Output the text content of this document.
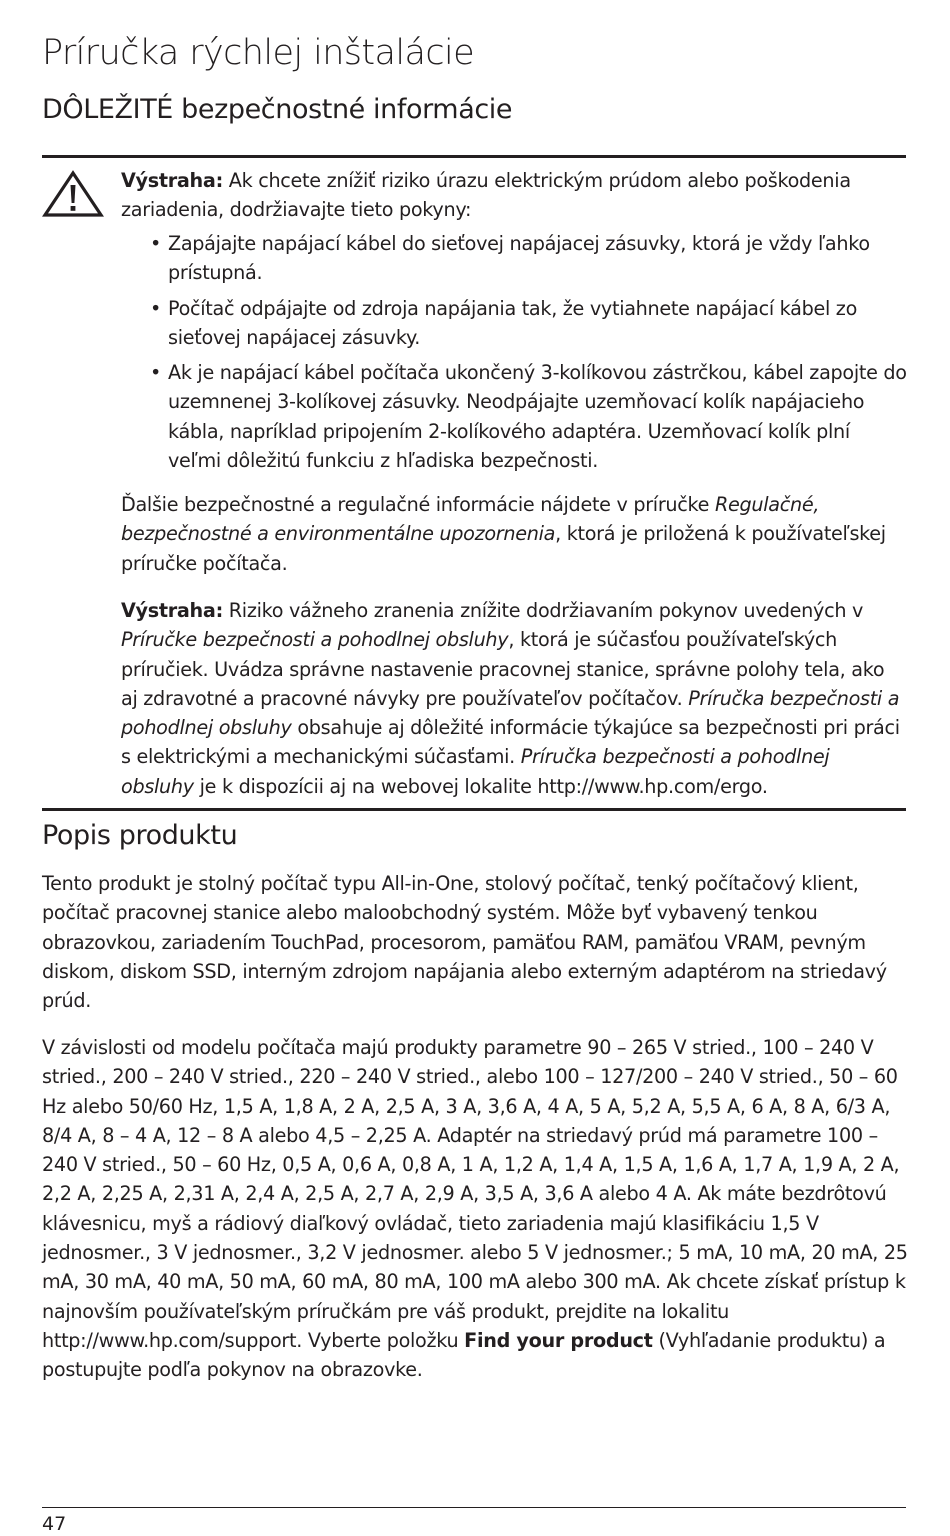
Príručka rýchlej inštalácie
DÔLEŽITÉ bezpečnostné informácie

Výstraha: Ak chcete znížiť riziko úrazu elektrickým prúdom alebo poškodenia zariadenia, dodržiavajte tieto pokyny:

• Zapájajte napájací kábel do sieťovej napájacej zásuvky, ktorá je vždy ľahko prístupná.
• Počítač odpájajte od zdroja napájania tak, že vytiahnete napájací kábel zo sieťovej napájacej zásuvky.
• Ak je napájací kábel počítača ukončený 3-kolíkovou zástrčkou, kábel zapojte do uzemnenej 3-kolíkovej zásuvky. Neodpájajte uzemňovací kolík napájacieho kábla, napríklad pripojením 2-kolíkového adaptéra. Uzemňovací kolík plní veľmi dôležitú funkciu z hľadiska bezpečnosti.

Ďalšie bezpečnostné a regulačné informácie nájdete v príručke Regulačné, bezpečnostné a environmentálne upozornenia, ktorá je priložená k používateľskej príručke počítača.

Výstraha: Riziko vážneho zranenia znížite dodržiavaním pokynov uvedených v Príručke bezpečnosti a pohodlnej obsluhy, ktorá je súčasťou používateľských príručiek. Uvádza správne nastavenie pracovnej stanice, správne polohy tela, ako aj zdravotné a pracovné návyky pre používateľov počítačov. Príručka bezpečnosti a pohodlnej obsluhy obsahuje aj dôležité informácie týkajúce sa bezpečnosti pri práci s elektrickými a mechanickými súčasťami. Príručka bezpečnosti a pohodlnej obsluhy je k dispozícii aj na webovej lokalite http://www.hp.com/ergo.

Popis produktu

Tento produkt je stolný počítač typu All-in-One, stolový počítač, tenký počítačový klient, počítač pracovnej stanice alebo maloobchodný systém. Môže byť vybavený tenkou obrazovkou, zariadením TouchPad, procesorom, pamäťou RAM, pamäťou VRAM, pevným diskom, diskom SSD, interným zdrojom napájania alebo externým adaptérom na striedavý prúd.

V závislosti od modelu počítača majú produkty parametre 90 – 265 V stried., 100 – 240 V stried., 200 – 240 V stried., 220 – 240 V stried., alebo 100 – 127/200 – 240 V stried., 50 – 60 Hz alebo 50/60 Hz, 1,5 A, 1,8 A, 2 A, 2,5 A, 3 A, 3,6 A, 4 A, 5 A, 5,2 A, 5,5 A, 6 A, 8 A, 6/3 A, 8/4 A, 8 – 4 A, 12 – 8 A alebo 4,5 – 2,25 A. Adaptér na striedavý prúd má parametre 100 – 240 V stried., 50 – 60 Hz, 0,5 A, 0,6 A, 0,8 A, 1 A, 1,2 A, 1,4 A, 1,5 A, 1,6 A, 1,7 A, 1,9 A, 2 A, 2,2 A, 2,25 A, 2,31 A, 2,4 A, 2,5 A, 2,7 A, 2,9 A, 3,5 A, 3,6 A alebo 4 A. Ak máte bezdrôtovú klávesnicu, myš a rádiový diaľkový ovládač, tieto zariadenia majú klasifikáciu 1,5 V jednosmer., 3 V jednosmer., 3,2 V jednosmer. alebo 5 V jednosmer.; 5 mA, 10 mA, 20 mA, 25 mA, 30 mA, 40 mA, 50 mA, 60 mA, 80 mA, 100 mA alebo 300 mA. Ak chcete získať prístup k najnovším používateľským príručkám pre váš produkt, prejdite na lokalitu http://www.hp.com/support. Vyberte položku Find your product (Vyhľadanie produktu) a postupujte podľa pokynov na obrazovke.

47
